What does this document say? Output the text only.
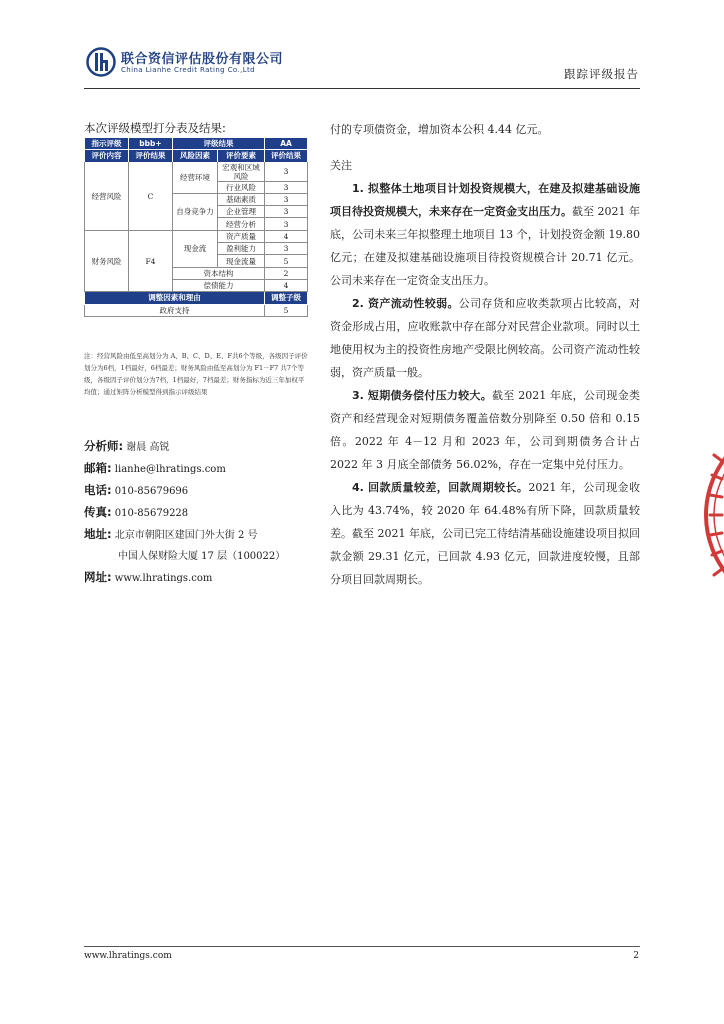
联合资信评估股份有限公司
China Lianhe Credit Rating Co.,Ltd	跟踪评级报告
本次评级模型打分表及结果:
指示评级	bbb+	评级结果		AA
评价内容	评价结果	风险因素	评价要素	评价结果
经营风险	C	经营环境	宏观和区域风险	3

			行业风险	3
		自身竞争力	基础素质	3
			企业管理	3
			经营分析	3
财务风险	F4	现金流	资产质量	4
			盈利能力	3
			现金流量	5
		资本结构		2
		偿债能力		4
调整因素和理由				调整子级
政府支持				5
注：经营风险由低至高划分为 A、B、C、D、E、F共6个等级，各级因子评价划分为6档，1档最好，6档最差；财务风险由低至高划分为 F1－F7 共7个等级，各级因子评价划分为7档，1档最好，7档最差；财务指标为近三年加权平均值；通过矩阵分析模型得到指示评级结果
分析师: 谢晨 高锐
邮箱: lianhe@lhratings.com
电话: 010-85679696
传真: 010-85679228
地址: 北京市朝阳区建国门外大街 2 号
中国人保财险大厦 17 层（100022）
网址: www.lhratings.com

付的专项债资金，增加资本公积 4.44 亿元。

关注

1. 拟整体土地项目计划投资规模大，在建及拟建基础设施项目待投资规模大，未来存在一定资金支出压力。截至 2021 年底，公司未来三年拟整理土地项目 13 个，计划投资金额 19.80 亿元；在建及拟建基础设施项目待投资规模合计 20.71 亿元。公司未来存在一定资金支出压力。

2. 资产流动性较弱。公司存货和应收类款项占比较高，对资金形成占用，应收账款中存在部分对民营企业款项。同时以土地使用权为主的投资性房地产受限比例较高。公司资产流动性较弱，资产质量一般。

3. 短期债务偿付压力较大。截至 2021 年底，公司现金类资产和经营现金对短期债务覆盖倍数分别降至 0.50 倍和 0.15 倍。2022 年 4－12 月和 2023 年，公司到期债务合计占 2022 年 3 月底全部债务 56.02%，存在一定集中兑付压力。

4. 回款质量较差，回款周期较长。2021 年，公司现金收入比为 43.74%，较 2020 年 64.48%有所下降，回款质量较差。截至 2021 年底，公司已完工待结清基础设施建设项目拟回款金额 29.31 亿元，已回款 4.93 亿元，回款进度较慢，且部分项目回款周期长。

www.lhratings.com	2
